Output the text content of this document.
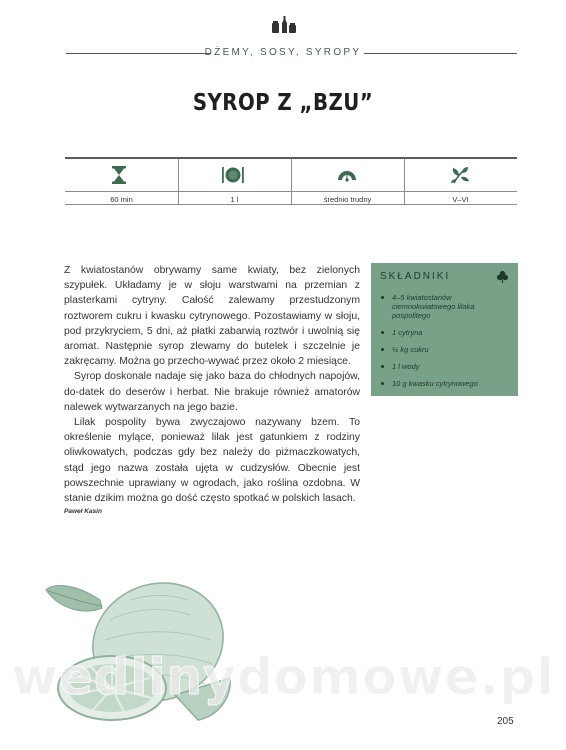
DŻEMY, SOSY, SYROPY
SYROP Z „BZU”
60 min	1 l	średnio trudny	V–VI

Z kwiatostanów obrywamy same kwiaty, bez zielonych szypułek. Układamy je w słoju warstwami na przemian z plasterkami cytryny. Całość zalewamy przestudzonym roztworem cukru i kwasku cytrynowego. Pozostawiamy w słoju, pod przykryciem, 5 dni, aż płatki zabarwią roztwór i uwolnią się aromat. Następnie syrop zlewamy do butelek i szczelnie je zakręcamy. Można go przecho-wywać przez około 2 miesiące.

Syrop doskonale nadaje się jako baza do chłodnych napojów, do-datek do deserów i herbat. Nie brakuje również amatorów nalewek wytwarzanych na jego bazie.

Lilak pospolity bywa zwyczajowo nazywany bzem. To określenie mylące, ponieważ lilak jest gatunkiem z rodziny oliwkowatych, podczas gdy bez należy do piżmaczkowatych, stąd jego nazwa została ujęta w cudzysłów. Obecnie jest powszechnie uprawiany w ogrodach, jako roślina ozdobna. W stanie dzikim można go dość często spotkać w polskich lasach.

Paweł Kasin
SKŁADNIKI
4–5 kwiatostanów ciemnokwiatowego lilaka pospolitego
1 cytryna
½ kg cukru
1 l wody
10 g kwasku cytrynowego
wedlinydomowe.pl
205
